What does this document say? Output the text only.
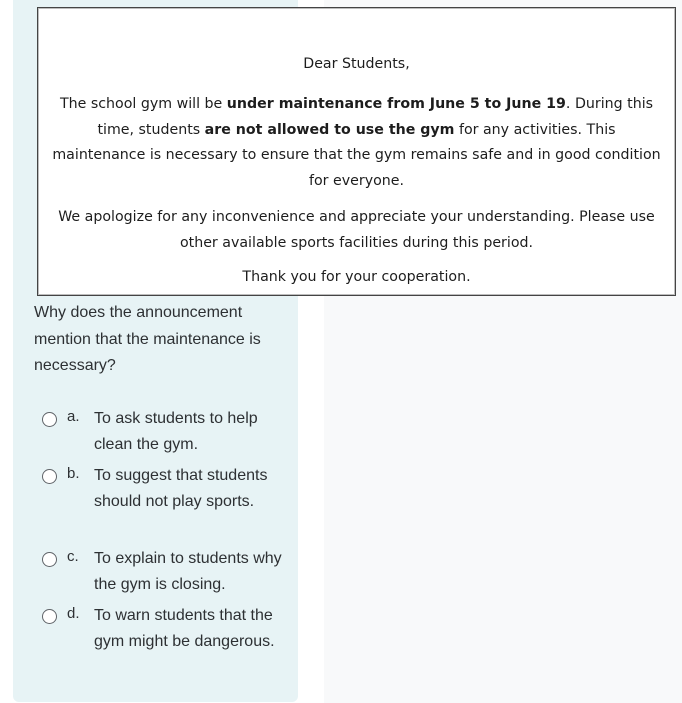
Dear Students,

The school gym will be under maintenance from June 5 to June 19. During this time, students are not allowed to use the gym for any activities. This maintenance is necessary to ensure that the gym remains safe and in good condition for everyone.

We apologize for any inconvenience and appreciate your understanding. Please use other available sports facilities during this period.

Thank you for your cooperation.

Why does the announcement mention that the maintenance is necessary?

a. To ask students to help clean the gym.
b. To suggest that students should not play sports.
c. To explain to students why the gym is closing.
d. To warn students that the gym might be dangerous.
